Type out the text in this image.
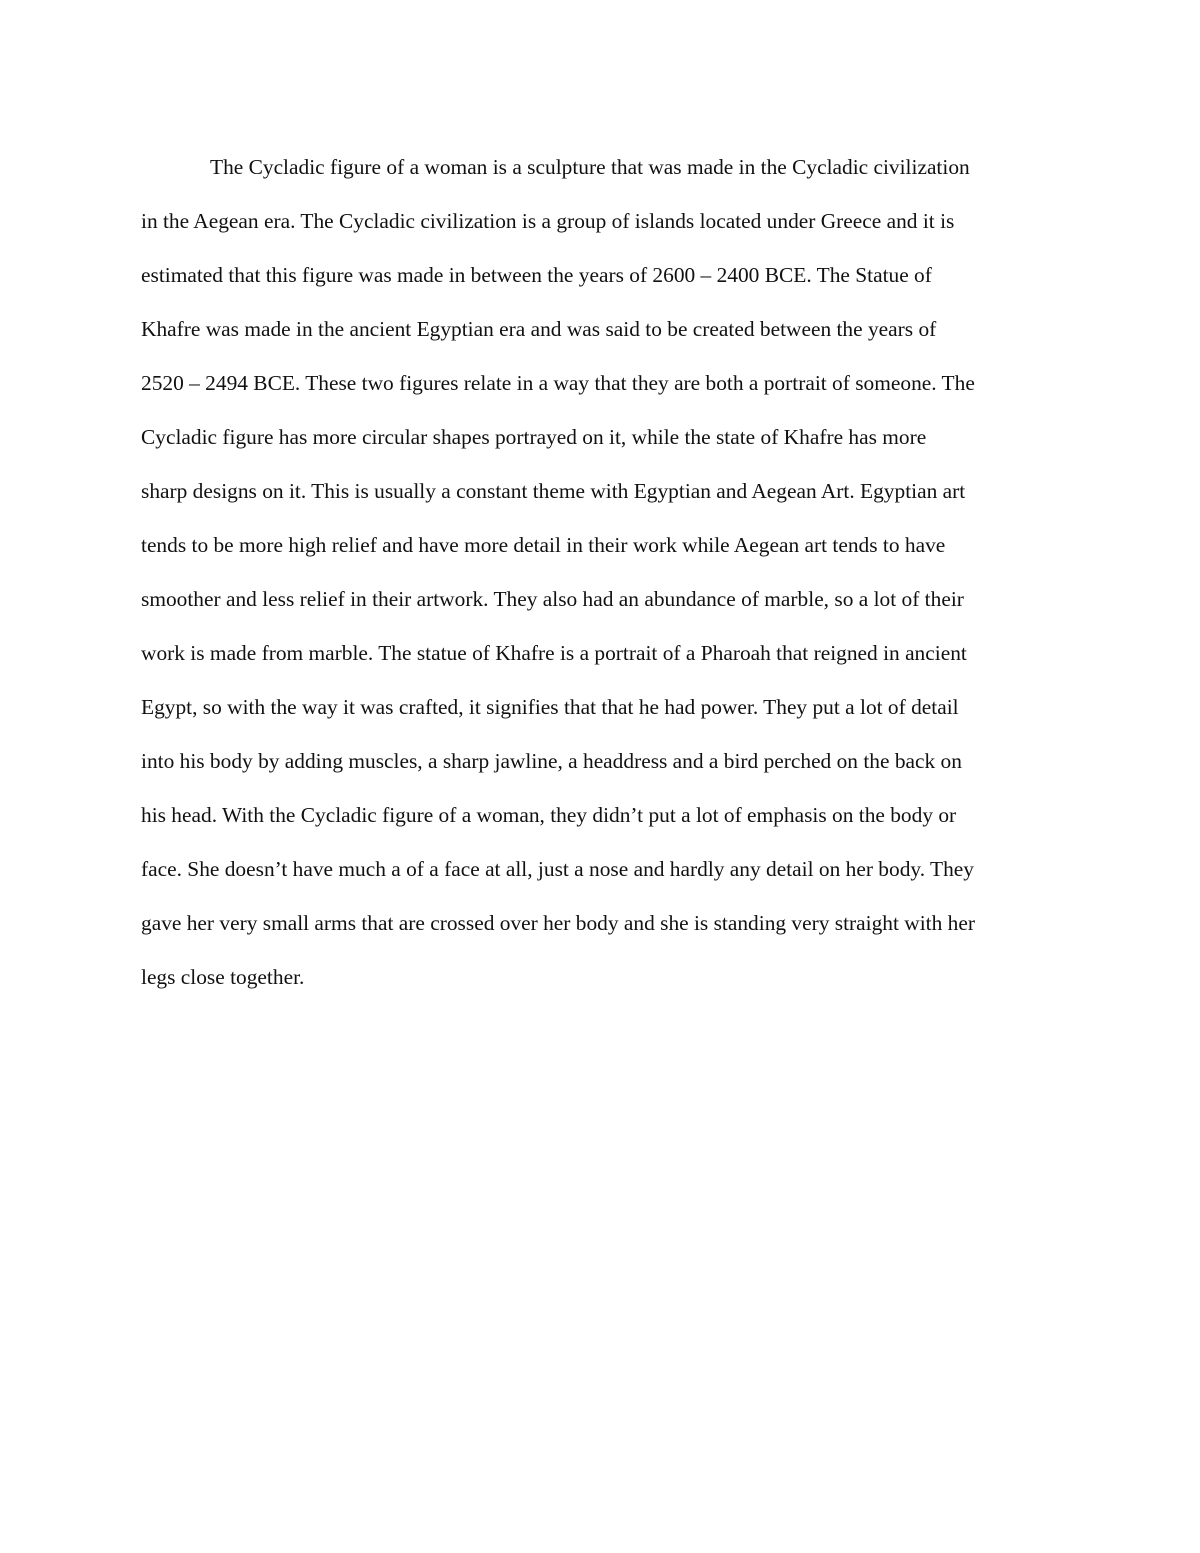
The Cycladic figure of a woman is a sculpture that was made in the Cycladic civilization
in the Aegean era. The Cycladic civilization is a group of islands located under Greece and it is
estimated that this figure was made in between the years of 2600 – 2400 BCE. The Statue of
Khafre was made in the ancient Egyptian era and was said to be created between the years of
2520 – 2494 BCE. These two figures relate in a way that they are both a portrait of someone. The
Cycladic figure has more circular shapes portrayed on it, while the state of Khafre has more
sharp designs on it. This is usually a constant theme with Egyptian and Aegean Art. Egyptian art
tends to be more high relief and have more detail in their work while Aegean art tends to have
smoother and less relief in their artwork. They also had an abundance of marble, so a lot of their
work is made from marble. The statue of Khafre is a portrait of a Pharoah that reigned in ancient
Egypt, so with the way it was crafted, it signifies that that he had power. They put a lot of detail
into his body by adding muscles, a sharp jawline, a headdress and a bird perched on the back on
his head. With the Cycladic figure of a woman, they didn’t put a lot of emphasis on the body or
face. She doesn’t have much a of a face at all, just a nose and hardly any detail on her body. They
gave her very small arms that are crossed over her body and she is standing very straight with her
legs close together.
